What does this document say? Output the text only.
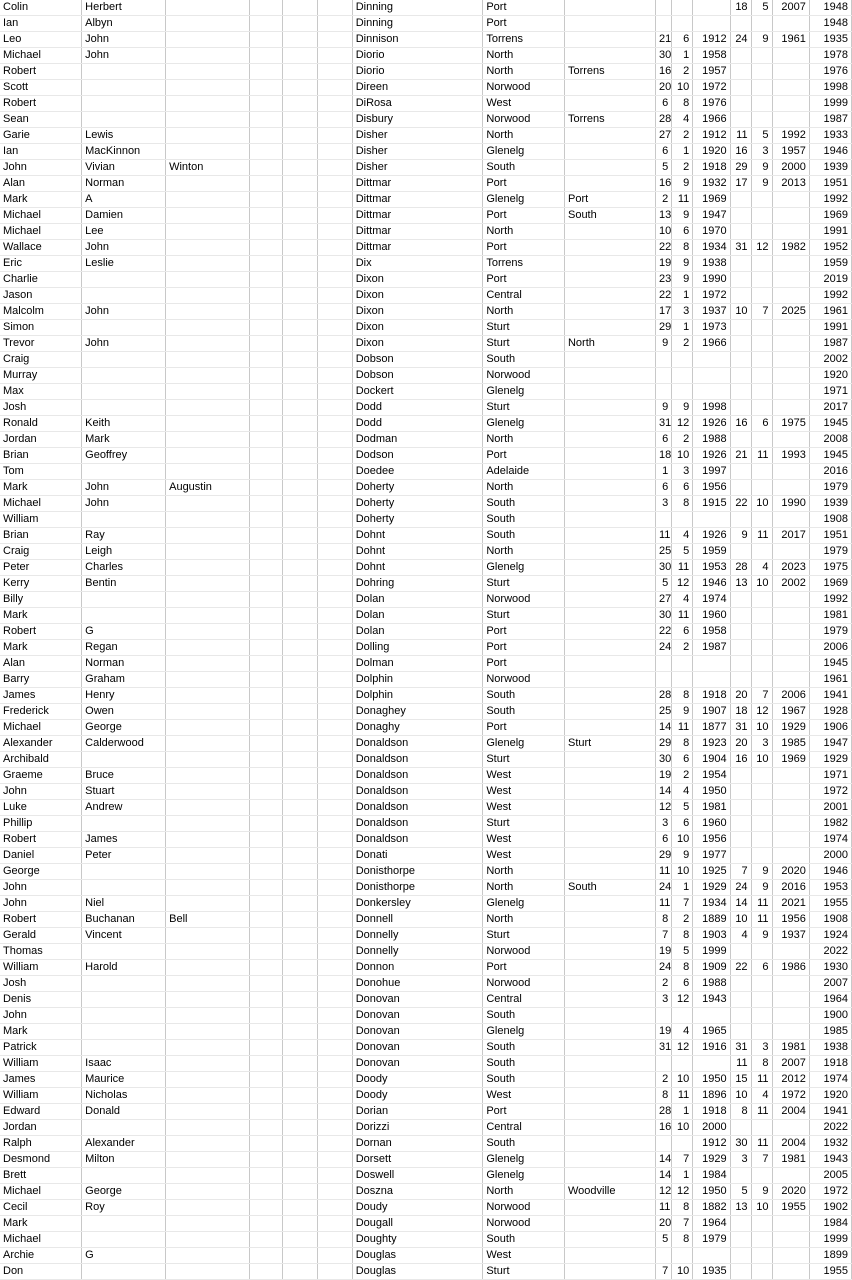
Colin	Herbert					Dinning	Port					18	5	2007	1948
Ian	Albyn					Dinning	Port								1948
Leo	John					Dinnison	Torrens		21	6	1912	24	9	1961	1935
Michael	John					Diorio	North		30	1	1958				1978
Robert						Diorio	North	Torrens	16	2	1957				1976
Scott						Direen	Norwood		20	10	1972				1998
Robert						DiRosa	West		6	8	1976				1999
Sean						Disbury	Norwood	Torrens	28	4	1966				1987
Garie	Lewis					Disher	North		27	2	1912	11	5	1992	1933
Ian	MacKinnon					Disher	Glenelg		6	1	1920	16	3	1957	1946
John	Vivian	Winton				Disher	South		5	2	1918	29	9	2000	1939
Alan	Norman					Dittmar	Port		16	9	1932	17	9	2013	1951
Mark	A					Dittmar	Glenelg	Port	2	11	1969				1992
Michael	Damien					Dittmar	Port	South	13	9	1947				1969
Michael	Lee					Dittmar	North		10	6	1970				1991
Wallace	John					Dittmar	Port		22	8	1934	31	12	1982	1952
Eric	Leslie					Dix	Torrens		19	9	1938				1959
Charlie						Dixon	Port		23	9	1990				2019
Jason						Dixon	Central		22	1	1972				1992
Malcolm	John					Dixon	North		17	3	1937	10	7	2025	1961
Simon						Dixon	Sturt		29	1	1973				1991
Trevor	John					Dixon	Sturt	North	9	2	1966				1987
Craig						Dobson	South								2002
Murray						Dobson	Norwood								1920
Max						Dockert	Glenelg								1971
Josh						Dodd	Sturt		9	9	1998				2017
Ronald	Keith					Dodd	Glenelg		31	12	1926	16	6	1975	1945
Jordan	Mark					Dodman	North		6	2	1988				2008
Brian	Geoffrey					Dodson	Port		18	10	1926	21	11	1993	1945
Tom						Doedee	Adelaide		1	3	1997				2016
Mark	John	Augustin				Doherty	North		6	6	1956				1979
Michael	John					Doherty	South		3	8	1915	22	10	1990	1939
William						Doherty	South								1908
Brian	Ray					Dohnt	South		11	4	1926	9	11	2017	1951
Craig	Leigh					Dohnt	North		25	5	1959				1979
Peter	Charles					Dohnt	Glenelg		30	11	1953	28	4	2023	1975
Kerry	Bentin					Dohring	Sturt		5	12	1946	13	10	2002	1969
Billy						Dolan	Norwood		27	4	1974				1992
Mark						Dolan	Sturt		30	11	1960				1981
Robert	G					Dolan	Port		22	6	1958				1979
Mark	Regan					Dolling	Port		24	2	1987				2006
Alan	Norman					Dolman	Port								1945
Barry	Graham					Dolphin	Norwood								1961
James	Henry					Dolphin	South		28	8	1918	20	7	2006	1941
Frederick	Owen					Donaghey	South		25	9	1907	18	12	1967	1928
Michael	George					Donaghy	Port		14	11	1877	31	10	1929	1906
Alexander	Calderwood					Donaldson	Glenelg	Sturt	29	8	1923	20	3	1985	1947
Archibald						Donaldson	Sturt		30	6	1904	16	10	1969	1929
Graeme	Bruce					Donaldson	West		19	2	1954				1971
John	Stuart					Donaldson	West		14	4	1950				1972
Luke	Andrew					Donaldson	West		12	5	1981				2001
Phillip						Donaldson	Sturt		3	6	1960				1982
Robert	James					Donaldson	West		6	10	1956				1974
Daniel	Peter					Donati	West		29	9	1977				2000
George						Donisthorpe	North		11	10	1925	7	9	2020	1946
John						Donisthorpe	North	South	24	1	1929	24	9	2016	1953
John	Niel					Donkersley	Glenelg		11	7	1934	14	11	2021	1955
Robert	Buchanan	Bell				Donnell	North		8	2	1889	10	11	1956	1908
Gerald	Vincent					Donnelly	Sturt		7	8	1903	4	9	1937	1924
Thomas						Donnelly	Norwood		19	5	1999				2022
William	Harold					Donnon	Port		24	8	1909	22	6	1986	1930
Josh						Donohue	Norwood		2	6	1988				2007
Denis						Donovan	Central		3	12	1943				1964
John						Donovan	South								1900
Mark						Donovan	Glenelg		19	4	1965				1985
Patrick						Donovan	South		31	12	1916	31	3	1981	1938
William	Isaac					Donovan	South					11	8	2007	1918
James	Maurice					Doody	South		2	10	1950	15	11	2012	1974
William	Nicholas					Doody	West		8	11	1896	10	4	1972	1920
Edward	Donald					Dorian	Port		28	1	1918	8	11	2004	1941
Jordan						Dorizzi	Central		16	10	2000				2022
Ralph	Alexander					Dornan	South				1912	30	11	2004	1932
Desmond	Milton					Dorsett	Glenelg		14	7	1929	3	7	1981	1943
Brett						Doswell	Glenelg		14	1	1984				2005
Michael	George					Doszna	North	Woodville	12	12	1950	5	9	2020	1972
Cecil	Roy					Doudy	Norwood		11	8	1882	13	10	1955	1902
Mark						Dougall	Norwood		20	7	1964				1984
Michael						Doughty	South		5	8	1979				1999
Archie	G					Douglas	West								1899
Don						Douglas	Sturt		7	10	1935				1955
